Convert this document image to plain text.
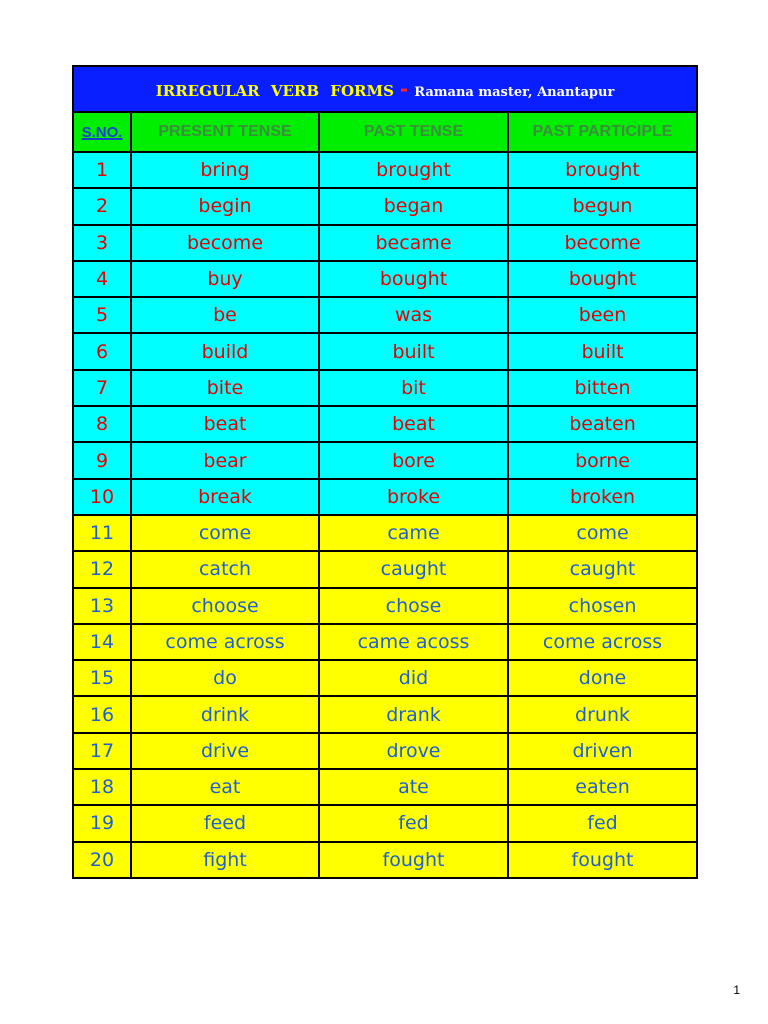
IRREGULAR VERB FORMS - Ramana master, Anantapur			
S.NO.	PRESENT TENSE	PAST TENSE	PAST PARTICIPLE
1	bring	brought	brought
2	begin	began	begun
3	become	became	become
4	buy	bought	bought
5	be	was	been
6	build	built	built
7	bite	bit	bitten
8	beat	beat	beaten
9	bear	bore	borne
10	break	broke	broken
11	come	came	come
12	catch	caught	caught
13	choose	chose	chosen
14	come across	came acoss	come across
15	do	did	done
16	drink	drank	drunk
17	drive	drove	driven
18	eat	ate	eaten
19	feed	fed	fed
20	fight	fought	fought
1
